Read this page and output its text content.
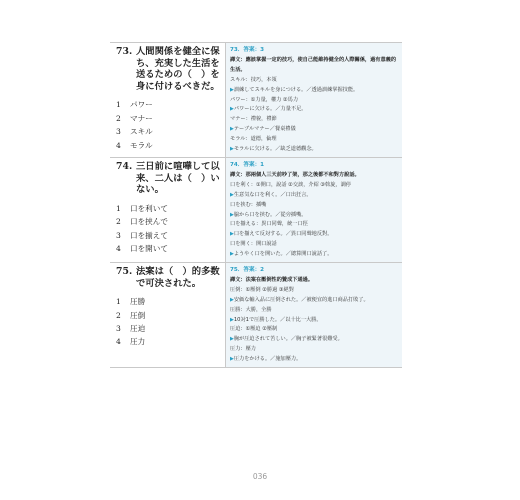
73. 人間関係を健全に保ち、充実した生活を送るための（　）を身に付けるべきだ。
1	パワー
2	マナー
3	スキル
4	モラル
73．答案：3
譯文：應該掌握一定的技巧，使自己能維持健全的人際關係，過有意義的生活。
スキル：技巧，本領
▶訓練してスキルを身につける。／透過訓練掌握技能。
パワー：①力量，權力 ②馬力
▶パワーに欠ける。／力量不足。
マナー：禮貌，禮節
▶テーブルマナー／餐桌禮儀
モラル：道德，倫理
▶モラルに欠ける。／缺乏道德觀念。
74. 三日前に喧嘩して以来、二人は（　）いない。
1	口を利いて
2	口を挟んで
3	口を揃えて
4	口を開いて
74．答案：1
譯文：那兩個人三天前吵了架，那之後都不和對方說話。
口を利く：①開口，說話 ②交談，介紹 ③斡旋，調停
▶生意気な口を利く。／口出狂言。
口を挟む：插嘴
▶脇から口を挟む。／從旁插嘴。
口を揃える：異口同聲，統一口徑
▶口を揃えて反対する。／異口同聲地反對。
口を開く：開口說話
▶ようやく口を開いた。／總算開口說話了。
75. 法案は（　）的多数で可決された。
1	圧勝
2	圧倒
3	圧迫
4	圧力
75．答案：2
譯文：法案在壓倒性的贊成下通過。
圧倒：①壓倒 ②勝過 ③絕對
▶安価な輸入品に圧倒された。／被便宜的進口商品打敗了。
圧勝：大勝，全勝
▶10対1で圧勝した。／以十比一大勝。
圧迫：①壓迫 ②壓制
▶胸が圧迫されて苦しい。／胸子被緊著很難受。
圧力：壓力
▶圧力をかける。／施加壓力。
036
